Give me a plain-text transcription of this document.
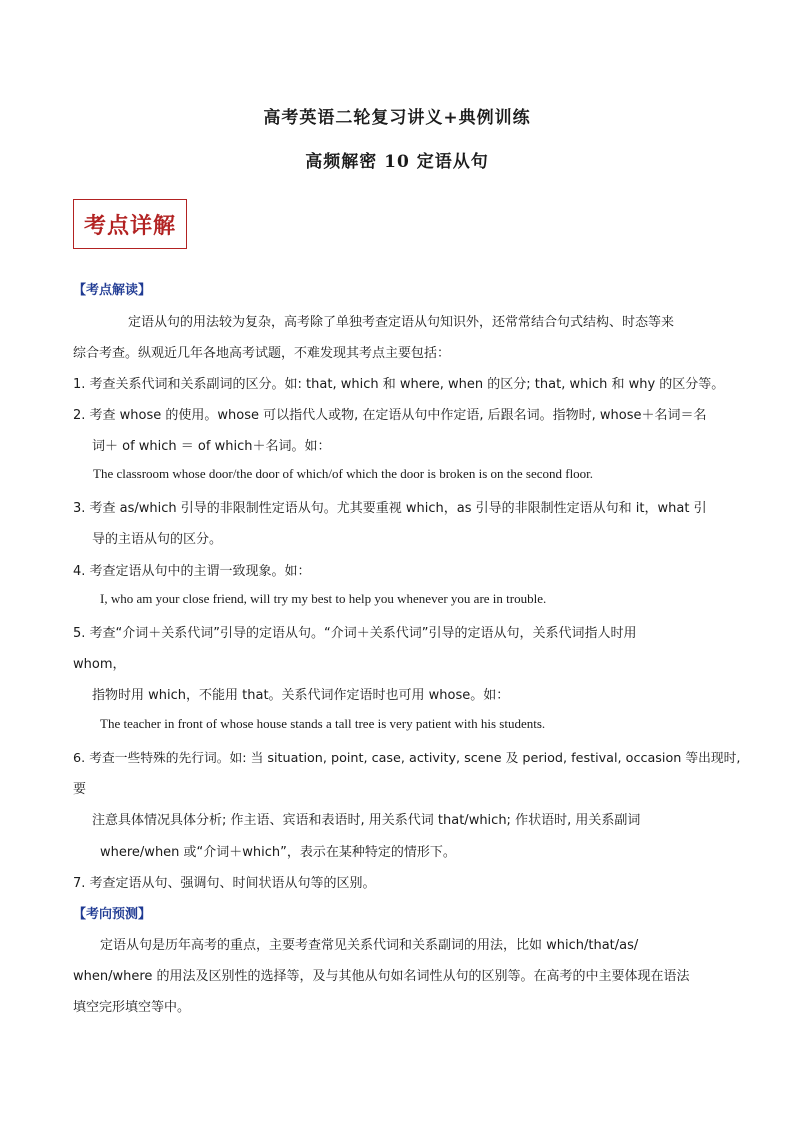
高考英语二轮复习讲义+典例训练
高频解密 10 定语从句
考点详解
【考点解读】
定语从句的用法较为复杂，高考除了单独考查定语从句知识外，还常常结合句式结构、时态等来
综合考查。纵观近几年各地高考试题，不难发现其考点主要包括：
1. 考查关系代词和关系副词的区分。如: that, which 和 where, when 的区分; that, which 和 why 的区分等。
2. 考查 whose 的使用。whose 可以指代人或物, 在定语从句中作定语, 后跟名词。指物时, whose＋名词＝名
词＋ of which ＝ of which＋名词。如：
The classroom whose door/the door of which/of which the door is broken is on the second floor.
3. 考查 as/which 引导的非限制性定语从句。尤其要重视 which，as 引导的非限制性定语从句和 it，what 引
导的主语从句的区分。
4. 考查定语从句中的主谓一致现象。如：
I, who am your close friend, will try my best to help you whenever you are in trouble.
5. 考查“介词＋关系代词”引导的定语从句。“介词＋关系代词”引导的定语从句，关系代词指人时用
whom，
指物时用 which，不能用 that。关系代词作定语时也可用 whose。如：
The teacher in front of whose house stands a tall tree is very patient with his students.
6. 考查一些特殊的先行词。如: 当 situation, point, case, activity, scene 及 period, festival, occasion 等出现时,
要
注意具体情况具体分析; 作主语、宾语和表语时, 用关系代词 that/which; 作状语时, 用关系副词
where/when 或“介词＋which”，表示在某种特定的情形下。
7. 考查定语从句、强调句、时间状语从句等的区别。
【考向预测】
定语从句是历年高考的重点，主要考查常见关系代词和关系副词的用法，比如 which/that/as/
when/where 的用法及区别性的选择等，及与其他从句如名词性从句的区别等。在高考的中主要体现在语法
填空完形填空等中。
